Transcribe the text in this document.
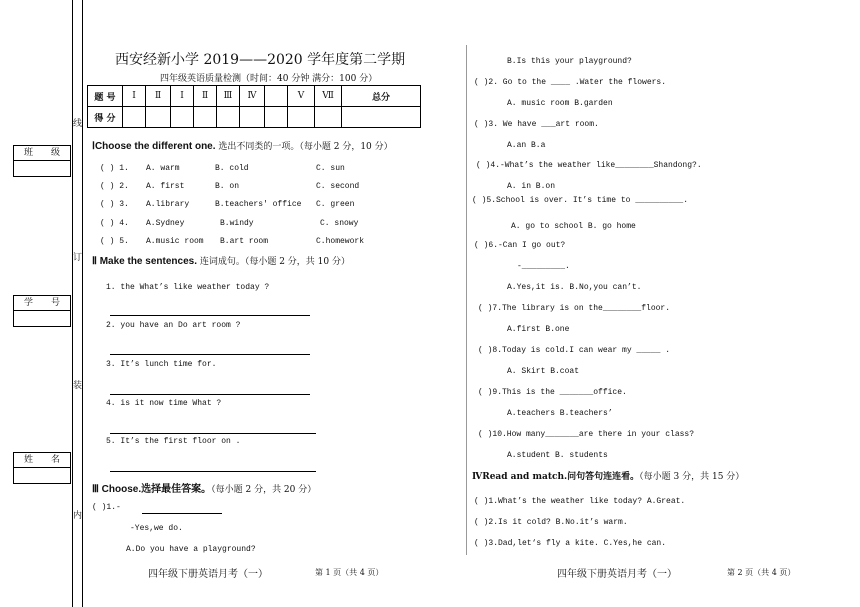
班　　级
学　　号
姓　　名
线
订
装
内
西安经新小学 2019——2020 学年度第二学期
四年级英语质量检测（时间：40 分钟 满分：100 分）
题 号	Ⅰ	Ⅱ	Ⅰ	Ⅱ	Ⅲ	Ⅳ		Ⅴ	Ⅶ	总分
得 分										
ⅠChoose the different one. 选出不同类的一项。（每小题 2 分，10 分）
( ) 1. A. warm	B. cold	C. sun
( ) 2. A. first	B. on	C. second
( ) 3. A.library	B.teachers' office C. green
( ) 4. A.Sydney	B.windy	C. snowy
( ) 5. A.music room B.art room	C.homework
Ⅱ Make the sentences. 连词成句。（每小题 2 分，共 10 分）
1. the What’s like weather today ?
2. you have an Do art room ?
3. It’s lunch time for.
4. is it now time What ?
5. It’s the first floor on .
Ⅲ Choose.选择最佳答案。（每小题 2 分，共 20 分）
( )1.-
-Yes,we do.
A.Do you have a playground?
四年级下册英语月考（一）	第 1 页（共 4 页）
B.Is this your playground?
( )2. Go to the ____ .Water the flowers.
A. music room B.garden
( )3. We have ___art room.
A.an B.a
( )4.-What’s the weather like________Shandong?.
A. in B.on
( )5.School is over. It’s time to __________.
A. go to school B. go home
( )6.-Can I go out?
-_________.
A.Yes,it is. B.No,you can’t.
( )7.The library is on the________floor.
A.first B.one
( )8.Today is cold.I can wear my _____ .
A. Skirt B.coat
( )9.This is the _______office.
A.teachers B.teachers’
( )10.How many_______are there in your class?
A.student B. students
ⅣRead and match.问句答句连连看。（每小题 3 分，共 15 分）
( )1.What’s the weather like today? A.Great.
( )2.Is it cold? B.No.it’s warm.
( )3.Dad,let‘s fly a kite. C.Yes,he can.
四年级下册英语月考（一）	第 2 页（共 4 页）
